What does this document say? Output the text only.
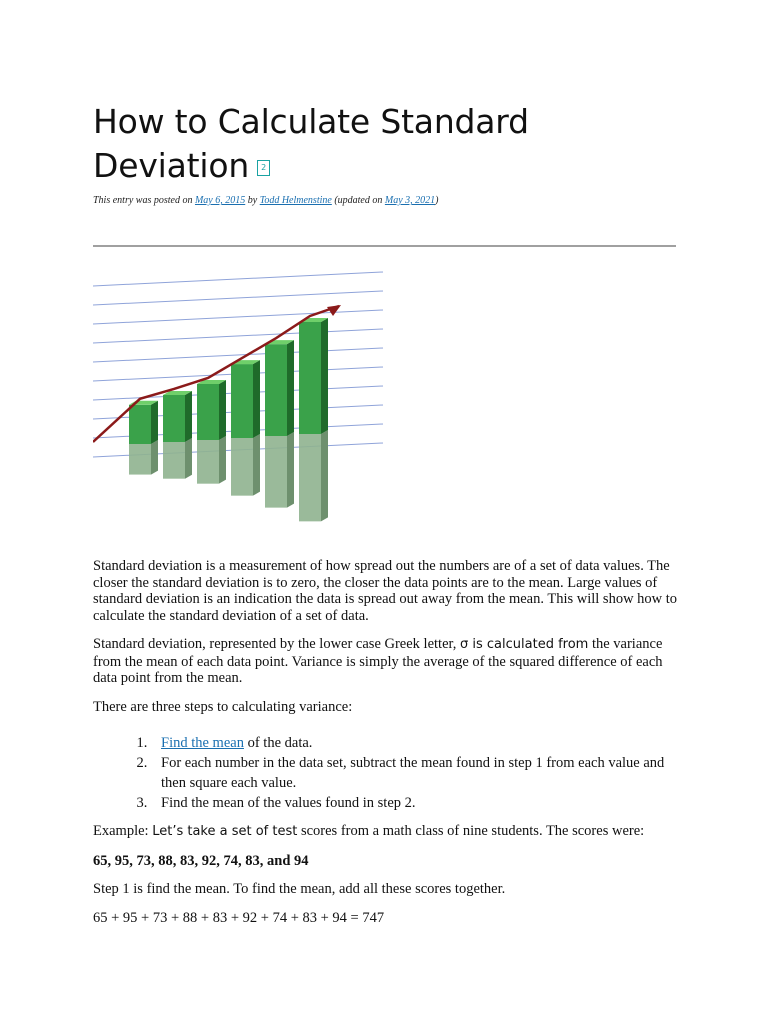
How to Calculate Standard Deviation 2
This entry was posted on May 6, 2015 by Todd Helmenstine (updated on May 3, 2021)

Standard deviation is a measurement of how spread out the numbers are of a set of data values. The closer the standard deviation is to zero, the closer the data points are to the mean. Large values of standard deviation is an indication the data is spread out away from the mean. This will show how to calculate the standard deviation of a set of data.

Standard deviation, represented by the lower case Greek letter, σ is calculated from the variance from the mean of each data point. Variance is simply the average of the squared difference of each data point from the mean.

There are three steps to calculating variance:

1. Find the mean of the data.
2. For each number in the data set, subtract the mean found in step 1 from each value and then square each value.
3. Find the mean of the values found in step 2.

Example: Let’s take a set of test scores from a math class of nine students. The scores were:

65, 95, 73, 88, 83, 92, 74, 83, and 94

Step 1 is find the mean. To find the mean, add all these scores together.

65 + 95 + 73 + 88 + 83 + 92 + 74 + 83 + 94 = 747
